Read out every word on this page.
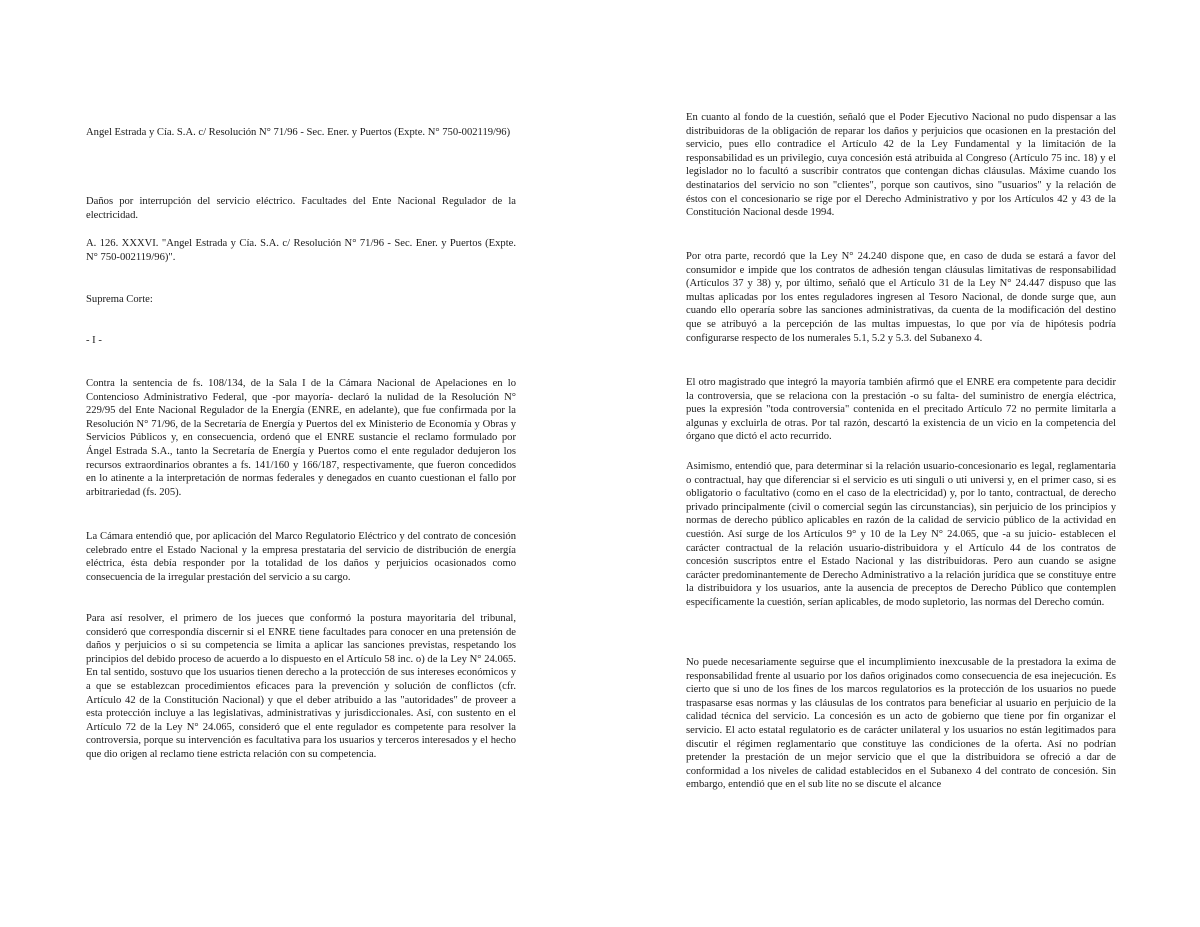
Angel Estrada y Cía. S.A. c/ Resolución N° 71/96 - Sec. Ener. y Puertos (Expte. N° 750-002119/96)

Daños por interrupción del servicio eléctrico. Facultades del Ente Nacional Regulador de la electricidad.

A. 126. XXXVI. "Angel Estrada y Cía. S.A. c/ Resolución N° 71/96 - Sec. Ener. y Puertos (Expte. N° 750-002119/96)".

Suprema Corte:

- I -

Contra la sentencia de fs. 108/134, de la Sala I de la Cámara Nacional de Apelaciones en lo Contencioso Administrativo Federal, que -por mayoría- declaró la nulidad de la Resolución N° 229/95 del Ente Nacional Regulador de la Energía (ENRE, en adelante), que fue confirmada por la Resolución N° 71/96, de la Secretaría de Energía y Puertos del ex Ministerio de Economía y Obras y Servicios Públicos y, en consecuencia, ordenó que el ENRE sustancie el reclamo formulado por Ángel Estrada S.A., tanto la Secretaría de Energía y Puertos como el ente regulador dedujeron los recursos extraordinarios obrantes a fs. 141/160 y 166/187, respectivamente, que fueron concedidos en lo atinente a la interpretación de normas federales y denegados en cuanto cuestionan el fallo por arbitrariedad (fs. 205).

La Cámara entendió que, por aplicación del Marco Regulatorio Eléctrico y del contrato de concesión celebrado entre el Estado Nacional y la empresa prestataria del servicio de distribución de energía eléctrica, ésta debía responder por la totalidad de los daños y perjuicios ocasionados como consecuencia de la irregular prestación del servicio a su cargo.

Para así resolver, el primero de los jueces que conformó la postura mayoritaria del tribunal, consideró que correspondía discernir si el ENRE tiene facultades para conocer en una pretensión de daños y perjuicios o si su competencia se limita a aplicar las sanciones previstas, respetando los principios del debido proceso de acuerdo a lo dispuesto en el Artículo 58 inc. o) de la Ley N° 24.065. En tal sentido, sostuvo que los usuarios tienen derecho a la protección de sus intereses económicos y a que se establezcan procedimientos eficaces para la prevención y solución de conflictos (cfr. Artículo 42 de la Constitución Nacional) y que el deber atribuido a las "autoridades" de proveer a esta protección incluye a las legislativas, administrativas y jurisdiccionales. Así, con sustento en el Artículo 72 de la Ley N° 24.065, consideró que el ente regulador es competente para resolver la controversia, porque su intervención es facultativa para los usuarios y terceros interesados y el hecho que dio origen al reclamo tiene estricta relación con su competencia.

En cuanto al fondo de la cuestión, señaló que el Poder Ejecutivo Nacional no pudo dispensar a las distribuidoras de la obligación de reparar los daños y perjuicios que ocasionen en la prestación del servicio, pues ello contradice el Artículo 42 de la Ley Fundamental y la limitación de la responsabilidad es un privilegio, cuya concesión está atribuida al Congreso (Artículo 75 inc. 18) y el legislador no lo facultó a suscribir contratos que contengan dichas cláusulas. Máxime cuando los destinatarios del servicio no son "clientes", porque son cautivos, sino "usuarios" y la relación de éstos con el concesionario se rige por el Derecho Administrativo y por los Artículos 42 y 43 de la Constitución Nacional desde 1994.

Por otra parte, recordó que la Ley N° 24.240 dispone que, en caso de duda se estará a favor del consumidor e impide que los contratos de adhesión tengan cláusulas limitativas de responsabilidad (Artículos 37 y 38) y, por último, señaló que el Artículo 31 de la Ley N° 24.447 dispuso que las multas aplicadas por los entes reguladores ingresen al Tesoro Nacional, de donde surge que, aun cuando ello operaría sobre las sanciones administrativas, da cuenta de la modificación del destino que se atribuyó a la percepción de las multas impuestas, lo que por vía de hipótesis podría configurarse respecto de los numerales 5.1, 5.2 y 5.3. del Subanexo 4.

El otro magistrado que integró la mayoría también afirmó que el ENRE era competente para decidir la controversia, que se relaciona con la prestación -o su falta- del suministro de energía eléctrica, pues la expresión "toda controversia" contenida en el precitado Artículo 72 no permite limitarla a algunas y excluirla de otras. Por tal razón, descartó la existencia de un vicio en la competencia del órgano que dictó el acto recurrido.

Asimismo, entendió que, para determinar si la relación usuario-concesionario es legal, reglamentaria o contractual, hay que diferenciar si el servicio es uti singuli o uti universi y, en el primer caso, si es obligatorio o facultativo (como en el caso de la electricidad) y, por lo tanto, contractual, de derecho privado principalmente (civil o comercial según las circunstancias), sin perjuicio de los principios y normas de derecho público aplicables en razón de la calidad de servicio público de la actividad en cuestión. Así surge de los Artículos 9° y 10 de la Ley N° 24.065, que -a su juicio- establecen el carácter contractual de la relación usuario-distribuidora y el Artículo 44 de los contratos de concesión suscriptos entre el Estado Nacional y las distribuidoras. Pero aun cuando se asigne carácter predominantemente de Derecho Administrativo a la relación jurídica que se constituye entre la distribuidora y los usuarios, ante la ausencia de preceptos de Derecho Público que contemplen específicamente la cuestión, serían aplicables, de modo supletorio, las normas del Derecho común.

No puede necesariamente seguirse que el incumplimiento inexcusable de la prestadora la exima de responsabilidad frente al usuario por los daños originados como consecuencia de esa inejecución. Es cierto que si uno de los fines de los marcos regulatorios es la protección de los usuarios no puede traspasarse esas normas y las cláusulas de los contratos para beneficiar al usuario en perjuicio de la calidad técnica del servicio. La concesión es un acto de gobierno que tiene por fin organizar el servicio. El acto estatal regulatorio es de carácter unilateral y los usuarios no están legitimados para discutir el régimen reglamentario que constituye las condiciones de la oferta. Así no podrían pretender la prestación de un mejor servicio que el que la distribuidora se ofreció a dar de conformidad a los niveles de calidad establecidos en el Subanexo 4 del contrato de concesión. Sin embargo, entendió que en el sub lite no se discute el alcance
